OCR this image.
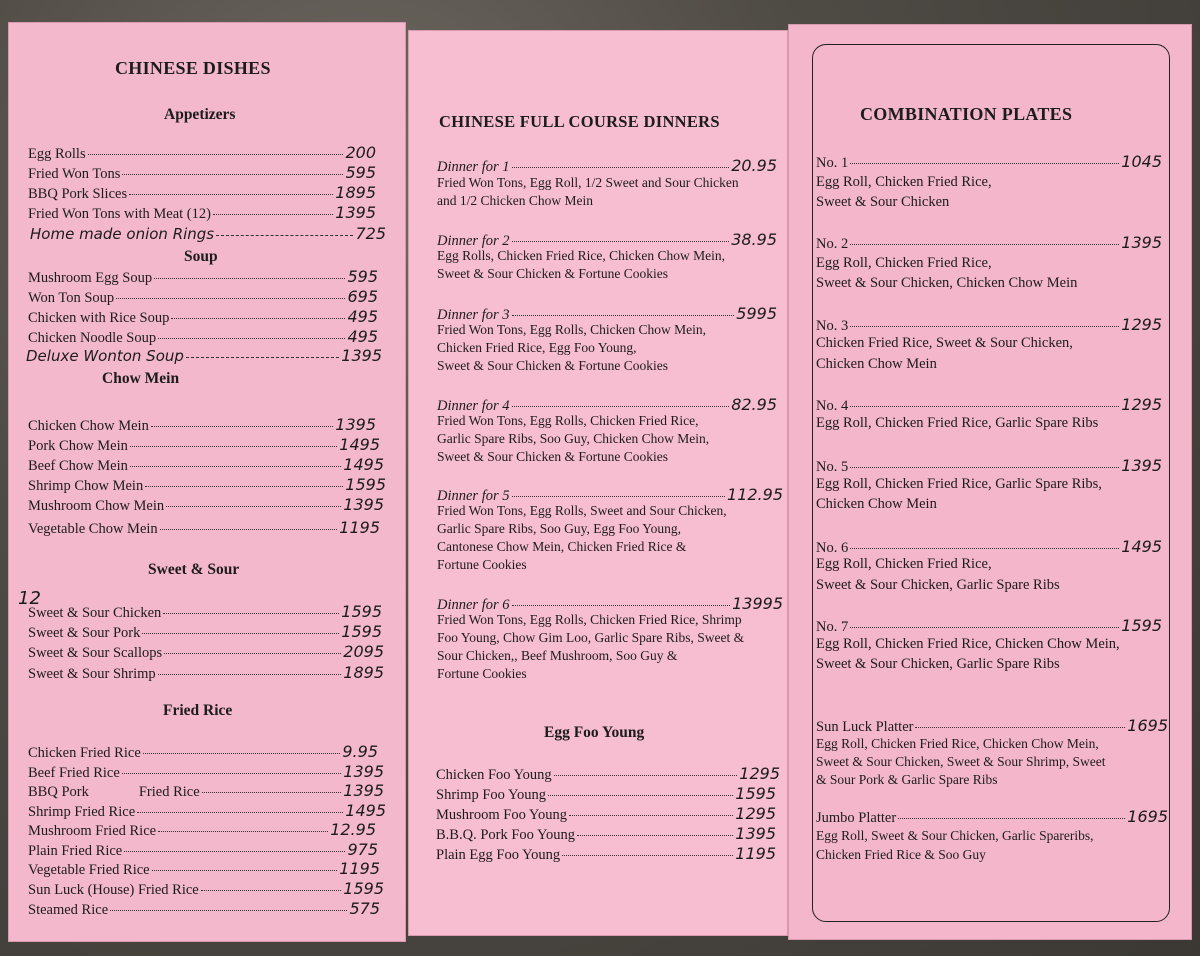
CHINESE DISHES
Appetizers
Egg Rolls	200
Fried Won Tons	595
BBQ Pork Slices	1895
Fried Won Tons with Meat (12)	1395
Home made onion Rings	725
Soup
Mushroom Egg Soup	595
Won Ton Soup	695
Chicken with Rice Soup	495
Chicken Noodle Soup	495
Deluxe Wonton Soup	1395
Chow Mein
Chicken Chow Mein	1395
Pork Chow Mein	1495
Beef Chow Mein	1495
Shrimp Chow Mein	1595
Mushroom Chow Mein	1395
Vegetable Chow Mein	1195
Sweet & Sour
12
Sweet & Sour Chicken	1595
Sweet & Sour Pork	1595
Sweet & Sour Scallops	2095
Sweet & Sour Shrimp	1895
Fried Rice
Chicken Fried Rice	9.95
Beef Fried Rice	1395
BBQ Pork	Fried Rice	1395
Shrimp Fried Rice	1495
Mushroom Fried Rice	12.95
Plain Fried Rice	975
Vegetable Fried Rice	1195
Sun Luck (House) Fried Rice	1595
Steamed Rice	575
CHINESE FULL COURSE DINNERS
Dinner for 1	20.95
Fried Won Tons, Egg Roll, 1/2 Sweet and Sour Chicken
and 1/2 Chicken Chow Mein
Dinner for 2	38.95
Egg Rolls, Chicken Fried Rice, Chicken Chow Mein,
Sweet & Sour Chicken & Fortune Cookies
Dinner for 3	5995
Fried Won Tons, Egg Rolls, Chicken Chow Mein,
Chicken Fried Rice, Egg Foo Young,
Sweet & Sour Chicken & Fortune Cookies
Dinner for 4	82.95
Fried Won Tons, Egg Rolls, Chicken Fried Rice,
Garlic Spare Ribs, Soo Guy, Chicken Chow Mein,
Sweet & Sour Chicken & Fortune Cookies
Dinner for 5	112.95
Fried Won Tons, Egg Rolls, Sweet and Sour Chicken,
Garlic Spare Ribs, Soo Guy, Egg Foo Young,
Cantonese Chow Mein, Chicken Fried Rice &
Fortune Cookies
Dinner for 6	13995
Fried Won Tons, Egg Rolls, Chicken Fried Rice, Shrimp
Foo Young, Chow Gim Loo, Garlic Spare Ribs, Sweet &
Sour Chicken,, Beef Mushroom, Soo Guy &
Fortune Cookies
Egg Foo Young
Chicken Foo Young	1295
Shrimp Foo Young	1595
Mushroom Foo Young	1295
B.B.Q. Pork Foo Young	1395
Plain Egg Foo Young	1195
COMBINATION PLATES
No. 1	1045
Egg Roll, Chicken Fried Rice,
Sweet & Sour Chicken
No. 2	1395
Egg Roll, Chicken Fried Rice,
Sweet & Sour Chicken, Chicken Chow Mein
No. 3	1295
Chicken Fried Rice, Sweet & Sour Chicken,
Chicken Chow Mein
No. 4	1295
Egg Roll, Chicken Fried Rice, Garlic Spare Ribs
No. 5	1395
Egg Roll, Chicken Fried Rice, Garlic Spare Ribs,
Chicken Chow Mein
No. 6	1495
Egg Roll, Chicken Fried Rice,
Sweet & Sour Chicken, Garlic Spare Ribs
No. 7	1595
Egg Roll, Chicken Fried Rice, Chicken Chow Mein,
Sweet & Sour Chicken, Garlic Spare Ribs
Sun Luck Platter	1695
Egg Roll, Chicken Fried Rice, Chicken Chow Mein,
Sweet & Sour Chicken, Sweet & Sour Shrimp, Sweet
& Sour Pork & Garlic Spare Ribs
Jumbo Platter	1695
Egg Roll, Sweet & Sour Chicken, Garlic Spareribs,
Chicken Fried Rice & Soo Guy
